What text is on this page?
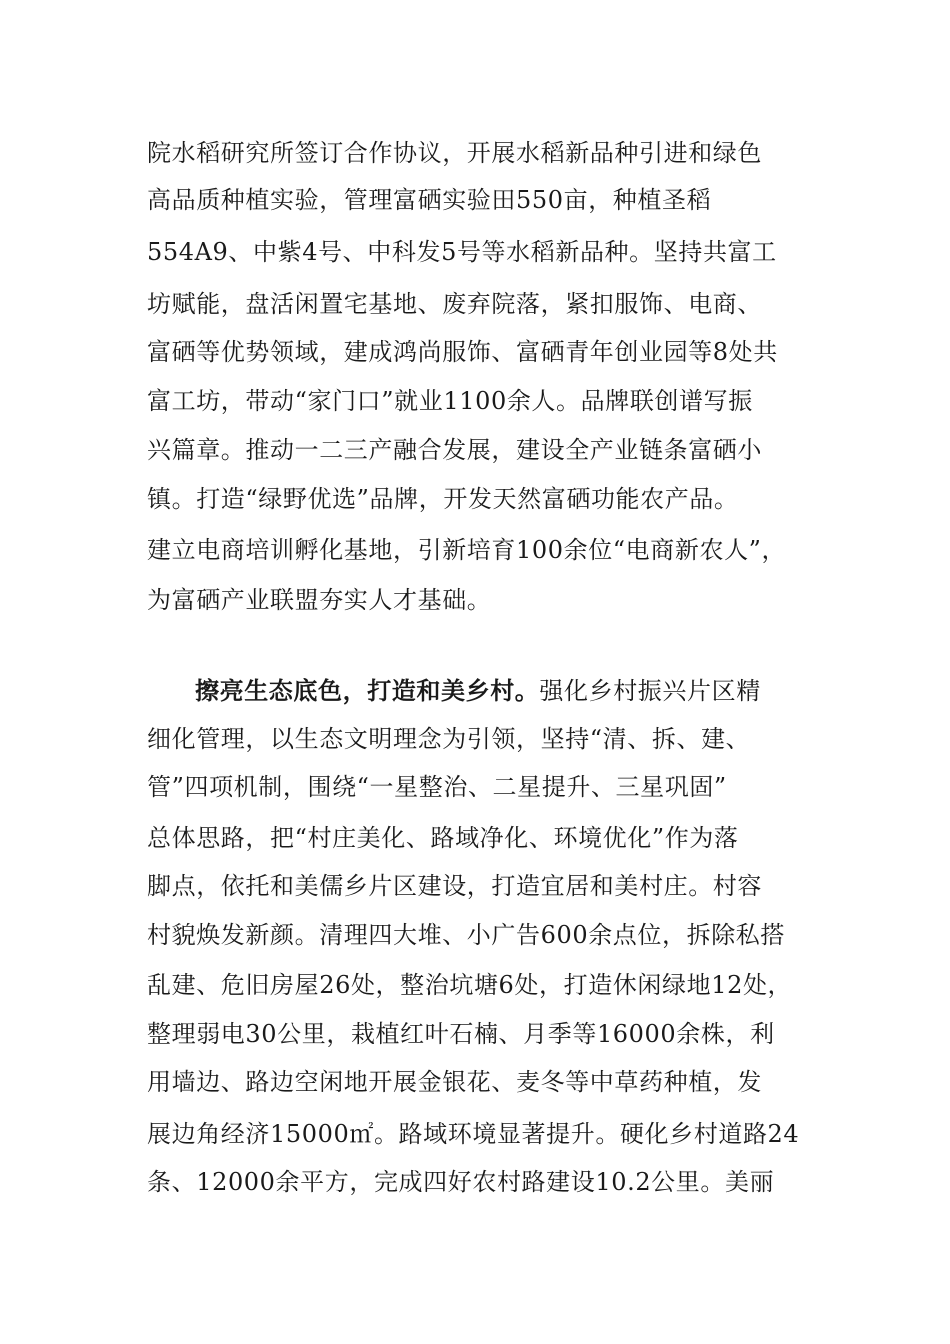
院水稻研究所签订合作协议，开展水稻新品种引进和绿色
高品质种植实验，管理富硒实验田550亩，种植圣稻
554A9、中紫4号、中科发5号等水稻新品种。坚持共富工
坊赋能，盘活闲置宅基地、废弃院落，紧扣服饰、电商、
富硒等优势领域，建成鸿尚服饰、富硒青年创业园等8处共
富工坊，带动“家门口”就业1100余人。品牌联创谱写振
兴篇章。推动一二三产融合发展，建设全产业链条富硒小
镇。打造“绿野优选”品牌，开发天然富硒功能农产品。
建立电商培训孵化基地，引新培育100余位“电商新农人”，
为富硒产业联盟夯实人才基础。
擦亮生态底色，打造和美乡村。强化乡村振兴片区精
细化管理，以生态文明理念为引领，坚持“清、拆、建、
管”四项机制，围绕“一星整治、二星提升、三星巩固”
总体思路，把“村庄美化、路域净化、环境优化”作为落
脚点，依托和美儒乡片区建设，打造宜居和美村庄。村容
村貌焕发新颜。清理四大堆、小广告600余点位，拆除私搭
乱建、危旧房屋26处，整治坑塘6处，打造休闲绿地12处，
整理弱电30公里，栽植红叶石楠、月季等16000余株，利
用墙边、路边空闲地开展金银花、麦冬等中草药种植，发
展边角经济15000㎡。路域环境显著提升。硬化乡村道路24
条、12000余平方，完成四好农村路建设10.2公里。美丽
